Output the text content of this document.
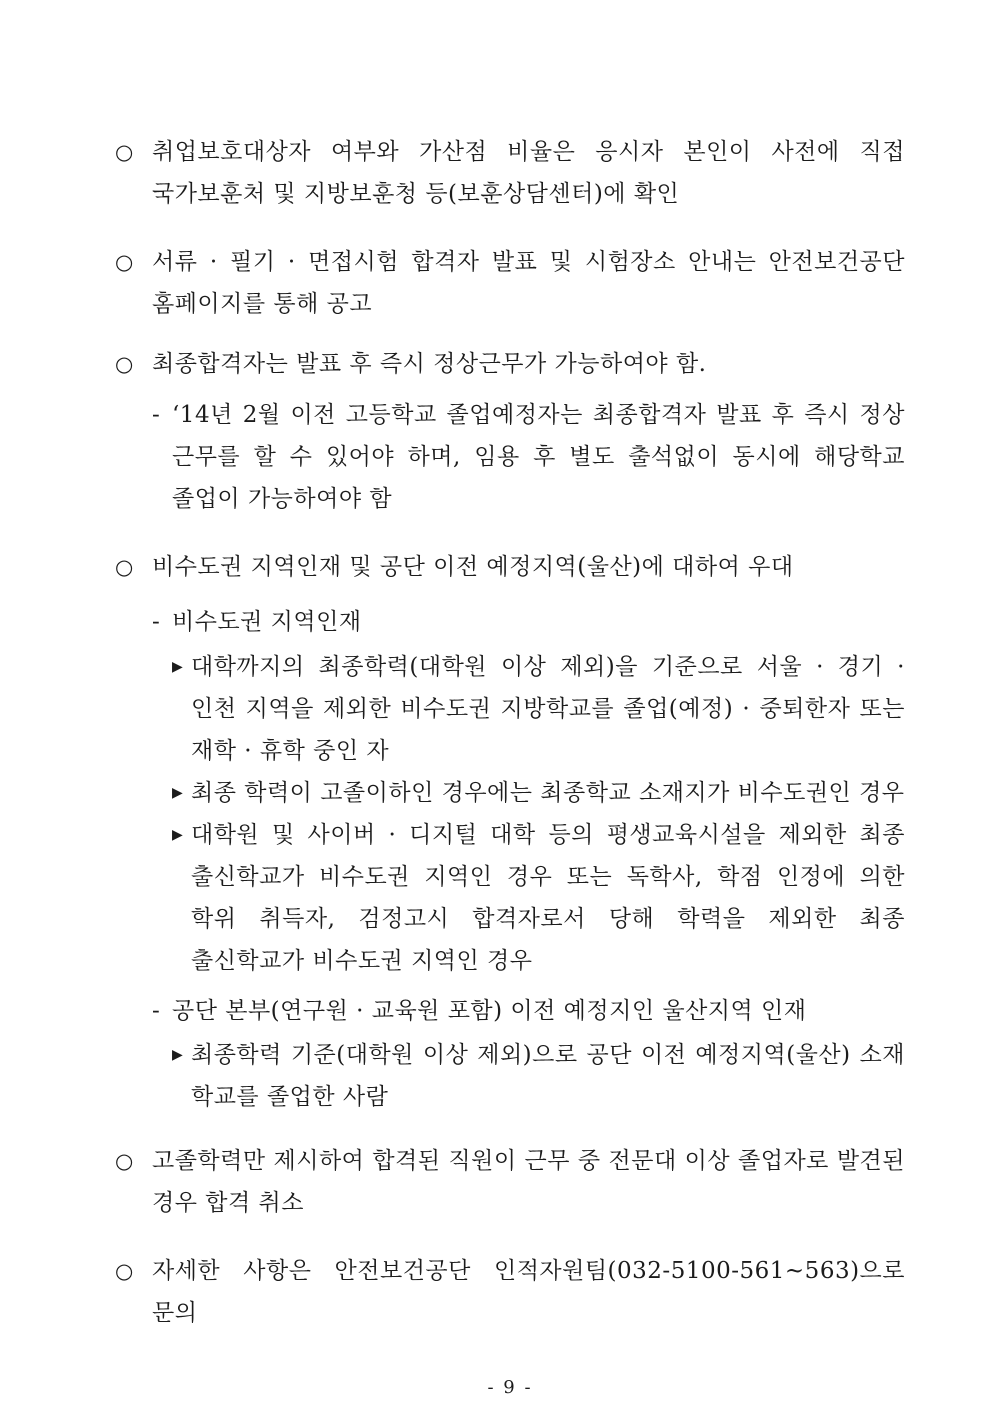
○ 취업보호대상자 여부와 가산점 비율은 응시자 본인이 사전에 직접 국가보훈처 및 지방보훈청 등(보훈상담센터)에 확인

○ 서류 · 필기 · 면접시험 합격자 발표 및 시험장소 안내는 안전보건공단 홈페이지를 통해 공고

○ 최종합격자는 발표 후 즉시 정상근무가 가능하여야 함.

- ‘14년 2월 이전 고등학교 졸업예정자는 최종합격자 발표 후 즉시 정상 근무를 할 수 있어야 하며, 임용 후 별도 출석없이 동시에 해당학교 졸업이 가능하여야 함

○ 비수도권 지역인재 및 공단 이전 예정지역(울산)에 대하여 우대

- 비수도권 지역인재

▶ 대학까지의 최종학력(대학원 이상 제외)을 기준으로 서울 · 경기 · 인천 지역을 제외한 비수도권 지방학교를 졸업(예정) · 중퇴한자 또는 재학 · 휴학 중인 자

▶ 최종 학력이 고졸이하인 경우에는 최종학교 소재지가 비수도권인 경우

▶ 대학원 및 사이버 · 디지털 대학 등의 평생교육시설을 제외한 최종 출신학교가 비수도권 지역인 경우 또는 독학사, 학점 인정에 의한 학위 취득자, 검정고시 합격자로서 당해 학력을 제외한 최종 출신학교가 비수도권 지역인 경우

- 공단 본부(연구원 · 교육원 포함) 이전 예정지인 울산지역 인재

▶ 최종학력 기준(대학원 이상 제외)으로 공단 이전 예정지역(울산) 소재 학교를 졸업한 사람

○ 고졸학력만 제시하여 합격된 직원이 근무 중 전문대 이상 졸업자로 발견된 경우 합격 취소

○ 자세한 사항은 안전보건공단 인적자원팀(032-5100-561~563)으로 문의

- 9 -
